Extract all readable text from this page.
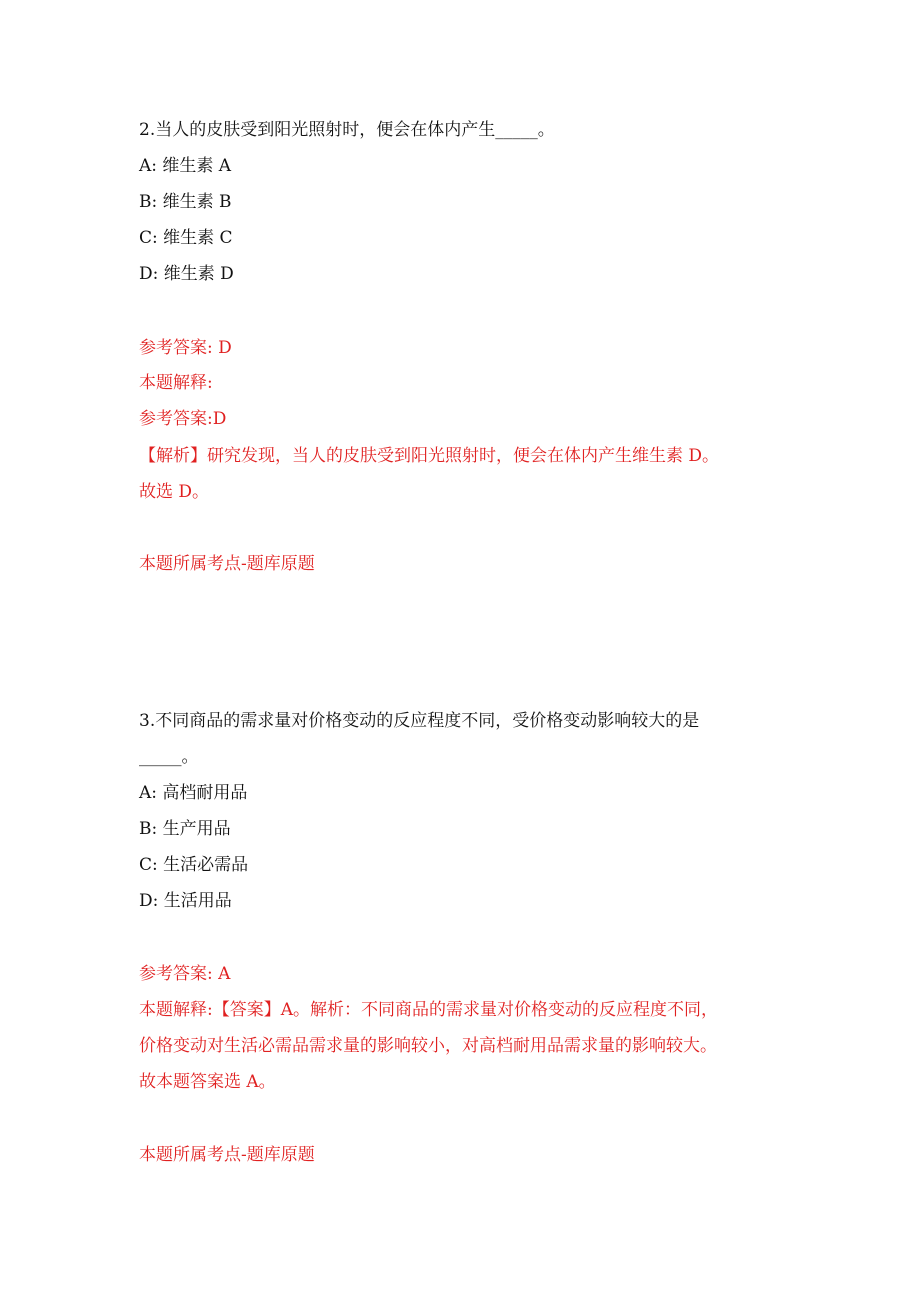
2.当人的皮肤受到阳光照射时，便会在体内产生_____。
A: 维生素 A
B: 维生素 B
C: 维生素 C
D: 维生素 D
参考答案: D
本题解释:
参考答案:D
【解析】研究发现，当人的皮肤受到阳光照射时，便会在体内产生维生素 D。
故选 D。
本题所属考点-题库原题
3.不同商品的需求量对价格变动的反应程度不同，受价格变动影响较大的是
_____。
A: 高档耐用品
B: 生产用品
C: 生活必需品
D: 生活用品
参考答案: A
本题解释:【答案】A。解析：不同商品的需求量对价格变动的反应程度不同，
价格变动对生活必需品需求量的影响较小，对高档耐用品需求量的影响较大。
故本题答案选 A。
本题所属考点-题库原题
